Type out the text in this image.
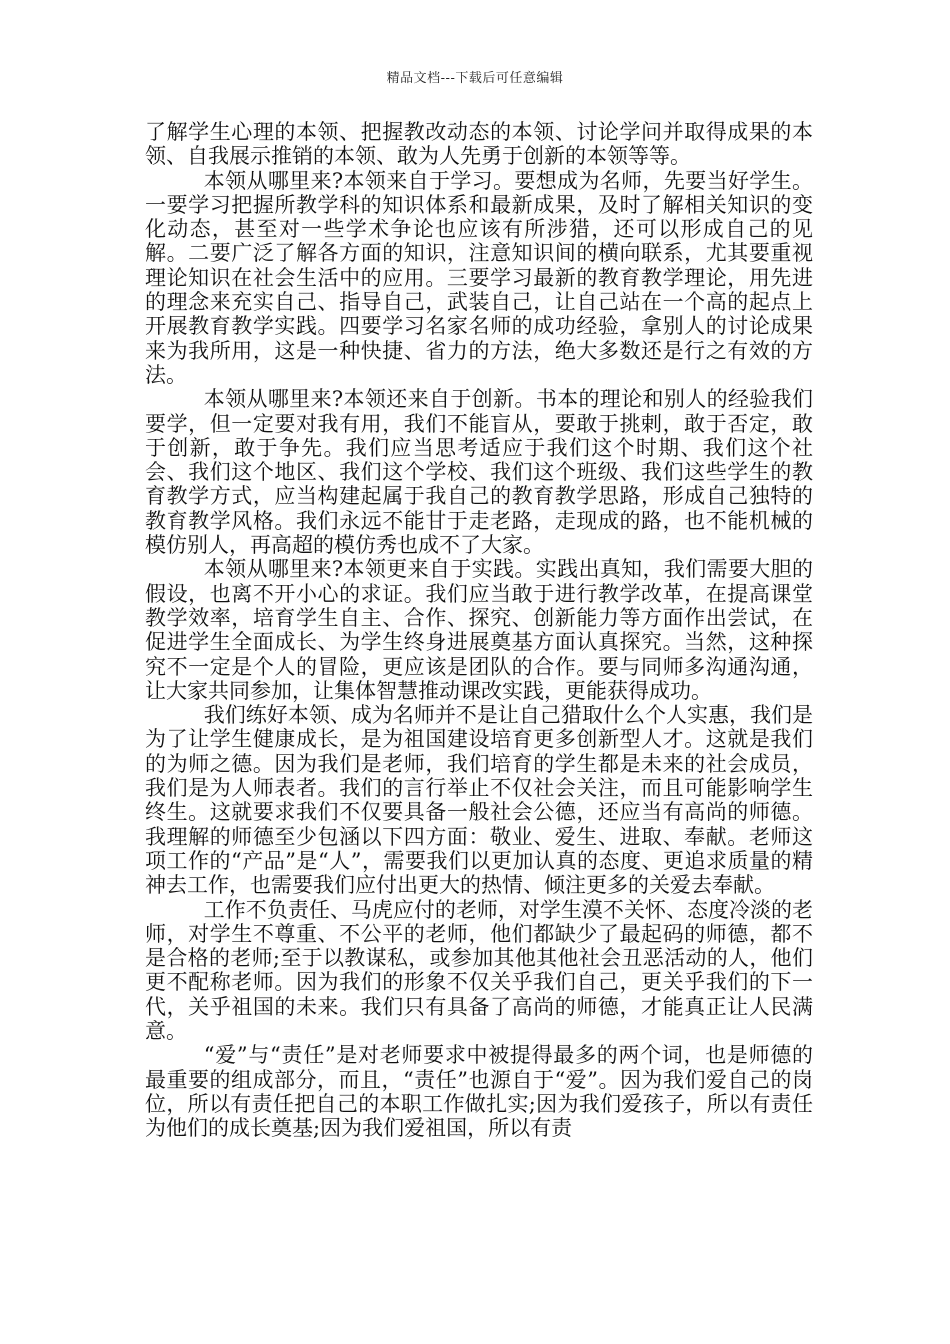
精品文档---下载后可任意编辑

了解学生心理的本领、把握教改动态的本领、讨论学问并取得成果的本领、自我展示推销的本领、敢为人先勇于创新的本领等等。

本领从哪里来?本领来自于学习。要想成为名师，先要当好学生。一要学习把握所教学科的知识体系和最新成果，及时了解相关知识的变化动态，甚至对一些学术争论也应该有所涉猎，还可以形成自己的见解。二要广泛了解各方面的知识，注意知识间的横向联系，尤其要重视理论知识在社会生活中的应用。三要学习最新的教育教学理论，用先进的理念来充实自己、指导自己，武装自己，让自己站在一个高的起点上开展教育教学实践。四要学习名家名师的成功经验，拿别人的讨论成果来为我所用，这是一种快捷、省力的方法，绝大多数还是行之有效的方法。

本领从哪里来?本领还来自于创新。书本的理论和别人的经验我们要学，但一定要对我有用，我们不能盲从，要敢于挑剌，敢于否定，敢于创新，敢于争先。我们应当思考适应于我们这个时期、我们这个社会、我们这个地区、我们这个学校、我们这个班级、我们这些学生的教育教学方式，应当构建起属于我自己的教育教学思路，形成自己独特的教育教学风格。我们永远不能甘于走老路，走现成的路，也不能机械的模仿别人，再高超的模仿秀也成不了大家。

本领从哪里来?本领更来自于实践。实践出真知，我们需要大胆的假设，也离不开小心的求证。我们应当敢于进行教学改革，在提高课堂教学效率，培育学生自主、合作、探究、创新能力等方面作出尝试，在促进学生全面成长、为学生终身进展奠基方面认真探究。当然，这种探究不一定是个人的冒险，更应该是团队的合作。要与同师多沟通沟通，让大家共同参加，让集体智慧推动课改实践，更能获得成功。

我们练好本领、成为名师并不是让自己猎取什么个人实惠，我们是为了让学生健康成长，是为祖国建设培育更多创新型人才。这就是我们的为师之德。因为我们是老师，我们培育的学生都是未来的社会成员，我们是为人师表者。我们的言行举止不仅社会关注，而且可能影响学生终生。这就要求我们不仅要具备一般社会公德，还应当有高尚的师德。我理解的师德至少包涵以下四方面：敬业、爱生、进取、奉献。老师这项工作的“产品”是“人”，需要我们以更加认真的态度、更追求质量的精神去工作，也需要我们应付出更大的热情、倾注更多的关爱去奉献。

工作不负责任、马虎应付的老师，对学生漠不关怀、态度冷淡的老师，对学生不尊重、不公平的老师，他们都缺少了最起码的师德，都不是合格的老师;至于以教谋私，或参加其他其他社会丑恶活动的人，他们更不配称老师。因为我们的形象不仅关乎我们自己，更关乎我们的下一代，关乎祖国的未来。我们只有具备了高尚的师德，才能真正让人民满意。

“爱”与“责任”是对老师要求中被提得最多的两个词，也是师德的最重要的组成部分，而且，“责任”也源自于“爱”。因为我们爱自己的岗位，所以有责任把自己的本职工作做扎实;因为我们爱孩子，所以有责任为他们的成长奠基;因为我们爱祖国，所以有责
